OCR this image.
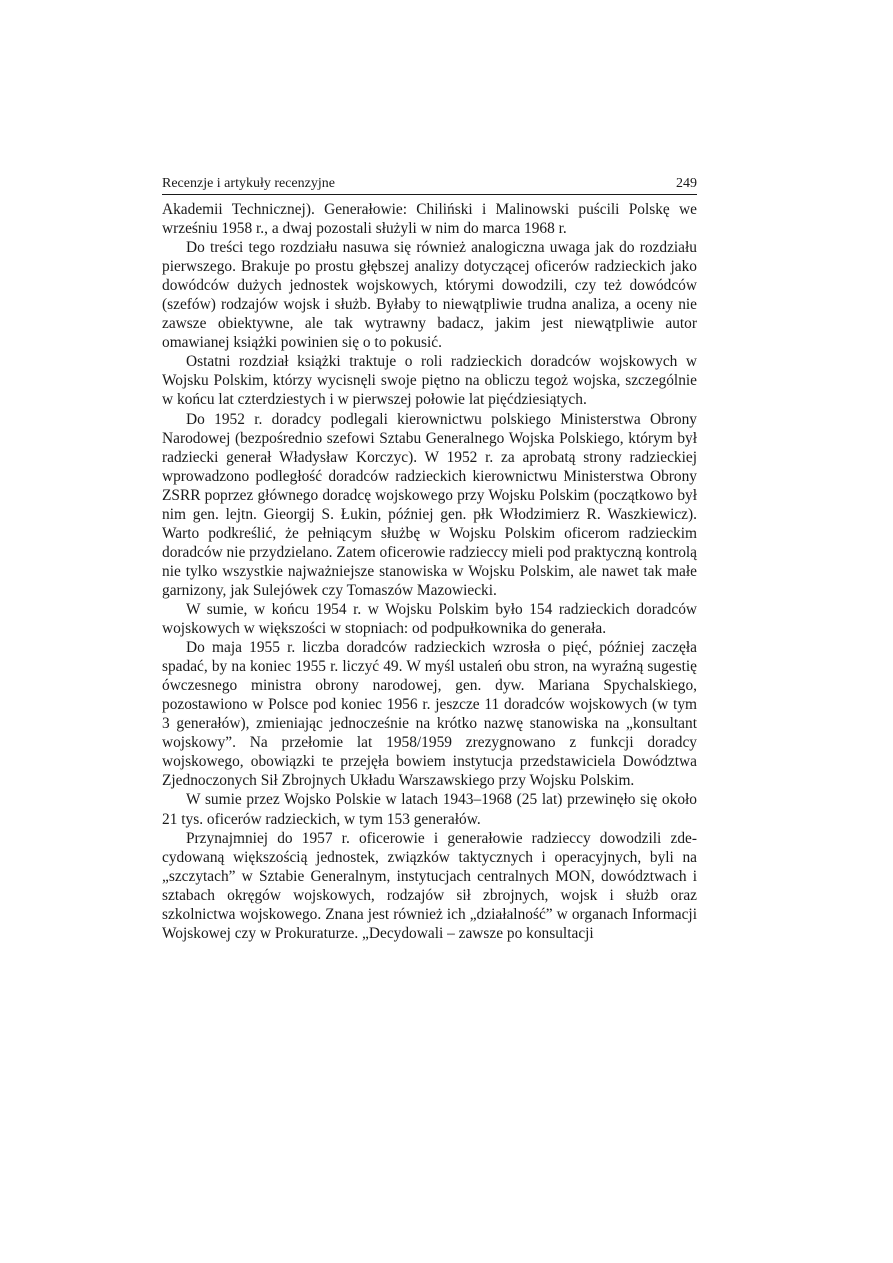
Recenzje i artykuły recenzyjne	249

Akademii Technicznej). Generałowie: Chiliński i Malinowski puścili Polskę we wrześniu 1958 r., a dwaj pozostali służyli w nim do marca 1968 r.

Do treści tego rozdziału nasuwa się również analogiczna uwaga jak do rozdziału pierwszego. Brakuje po prostu głębszej analizy dotyczącej oficerów radzieckich jako dowódców dużych jednostek wojskowych, którymi dowodzili, czy też dowódców (szefów) rodzajów wojsk i służb. Byłaby to niewątpliwie trudna analiza, a oceny nie zawsze obiektywne, ale tak wytrawny badacz, jakim jest niewątpliwie autor omawianej książki powinien się o to pokusić.

Ostatni rozdział książki traktuje o roli radzieckich doradców wojskowych w Wojsku Polskim, którzy wycisnęli swoje piętno na obliczu tegoż wojska, szczególnie w końcu lat czterdziestych i w pierwszej połowie lat pięćdziesiątych.

Do 1952 r. doradcy podlegali kierownictwu polskiego Ministerstwa Obrony Narodowej (bezpośrednio szefowi Sztabu Generalnego Wojska Polskiego, którym był radziecki generał Władysław Korczyc). W 1952 r. za aprobatą strony radzieckiej wprowadzono podległość doradców radzieckich kierownictwu Ministerstwa Obrony ZSRR poprzez głównego doradcę wojskowego przy Wojsku Polskim (początkowo był nim gen. lejtn. Gieorgij S. Łukin, później gen. płk Włodzimierz R. Waszkiewicz). Warto podkreślić, że pełniącym służbę w Wojsku Polskim oficerom radzieckim doradców nie przydzielano. Zatem oficerowie radzieccy mieli pod praktyczną kontrolą nie tylko wszystkie najważniejsze stanowiska w Wojsku Polskim, ale nawet tak małe garnizony, jak Sulejówek czy Tomaszów Mazowiecki.

W sumie, w końcu 1954 r. w Wojsku Polskim było 154 radzieckich doradców wojskowych w większości w stopniach: od podpułkownika do generała.

Do maja 1955 r. liczba doradców radzieckich wzrosła o pięć, później zaczęła spadać, by na koniec 1955 r. liczyć 49. W myśl ustaleń obu stron, na wyraźną sugestię ówczesnego ministra obrony narodowej, gen. dyw. Mariana Spychalskiego, pozostawiono w Polsce pod koniec 1956 r. jeszcze 11 doradców wojskowych (w tym 3 generałów), zmieniając jednocześnie na krótko nazwę stanowiska na „konsultant wojskowy”. Na przełomie lat 1958/1959 zrezygnowano z funkcji doradcy wojskowego, obowiązki te przejęła bowiem instytucja przedstawiciela Dowództwa Zjednoczonych Sił Zbrojnych Układu Warszawskiego przy Wojsku Polskim.

W sumie przez Wojsko Polskie w latach 1943–1968 (25 lat) przewinęło się około 21 tys. oficerów radzieckich, w tym 153 generałów.

Przynajmniej do 1957 r. oficerowie i generałowie radzieccy dowodzili zdecydowaną większością jednostek, związków taktycznych i operacyjnych, byli na „szczytach” w Sztabie Generalnym, instytucjach centralnych MON, dowództwach i sztabach okręgów wojskowych, rodzajów sił zbrojnych, wojsk i służb oraz szkolnictwa wojskowego. Znana jest również ich „działalność” w organach Informacji Wojskowej czy w Prokuraturze. „Decydowali – zawsze po konsultacji
